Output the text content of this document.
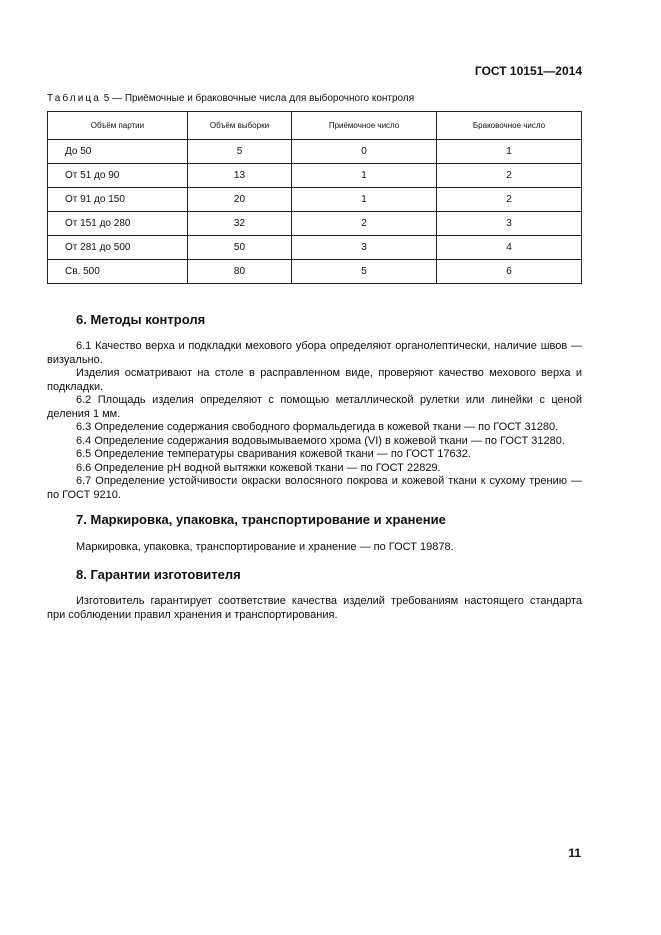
ГОСТ 10151—2014
Таблица 5 — Приёмочные и браковочные числа для выборочного контроля
Объём партии	Объём выборки	Приёмочное число	Браковочное число
До 50	5	0	1
От 51 до 90	13	1	2
От 91 до 150	20	1	2
От 151 до 280	32	2	3
От 281 до 500	50	3	4
Св. 500	80	5	6
6. Методы контроля

6.1 Качество верха и подкладки мехового убора определяют органолептически, наличие швов — визуально.

Изделия осматривают на столе в расправленном виде, проверяют качество мехового верха и подкладки.

6.2 Площадь изделия определяют с помощью металлической рулетки или линейки с ценой деления 1 мм.

6.3 Определение содержания свободного формальдегида в кожевой ткани — по ГОСТ 31280.

6.4 Определение содержания водовымываемого хрома (VI) в кожевой ткани — по ГОСТ 31280.

6.5 Определение температуры сваривания кожевой ткани — по ГОСТ 17632.

6.6 Определение рН водной вытяжки кожевой ткани — по ГОСТ 22829.

6.7 Определение устойчивости окраски волосяного покрова и кожевой ткани к сухому трению — по ГОСТ 9210.

7. Маркировка, упаковка, транспортирование и хранение

Маркировка, упаковка, транспортирование и хранение — по ГОСТ 19878.

8. Гарантии изготовителя

Изготовитель гарантирует соответствие качества изделий требованиям настоящего стандарта при соблюдении правил хранения и транспортирования.

11
